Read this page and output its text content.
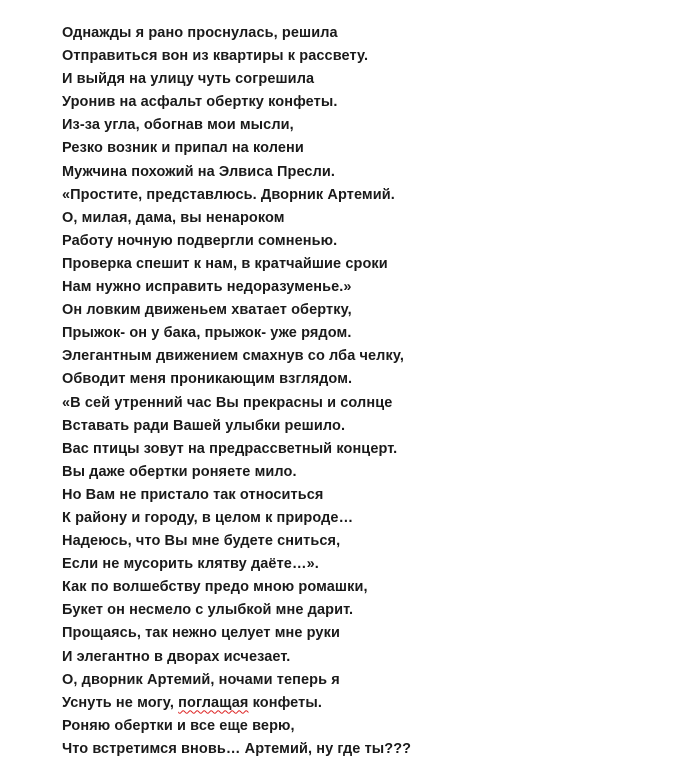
Однажды я рано проснулась, решила
Отправиться вон из квартиры к рассвету.
И выйдя на улицу чуть согрешила
Уронив на асфальт обертку конфеты.
Из-за угла, обогнав мои мысли,
Резко возник и припал на колени
Мужчина похожий на Элвиса Пресли.
«Простите, представлюсь. Дворник Артемий.
О, милая, дама, вы ненароком
Работу ночную подвергли сомненью.
Проверка спешит к нам, в кратчайшие сроки
Нам нужно исправить недоразуменье.»
Он ловким движеньем хватает обертку,
Прыжок- он у бака, прыжок- уже рядом.
Элегантным движением смахнув со лба челку,
Обводит меня проникающим взглядом.
«В сей утренний час Вы прекрасны и солнце
Вставать ради Вашей улыбки решило.
Вас птицы зовут на предрассветный концерт.
Вы даже обертки роняете мило.
Но Вам не пристало так относиться
К району и городу, в целом к природе…
Надеюсь, что Вы мне будете сниться,
Если не мусорить клятву даёте…».
Как по волшебству предо мною ромашки,
Букет он несмело с улыбкой мне дарит.
Прощаясь, так нежно целует мне руки
И элегантно в дворах исчезает.
О, дворник Артемий, ночами теперь я
Уснуть не могу, поглащая конфеты.
Роняю обертки и все еще верю,
Что встретимся вновь… Артемий, ну где ты???
